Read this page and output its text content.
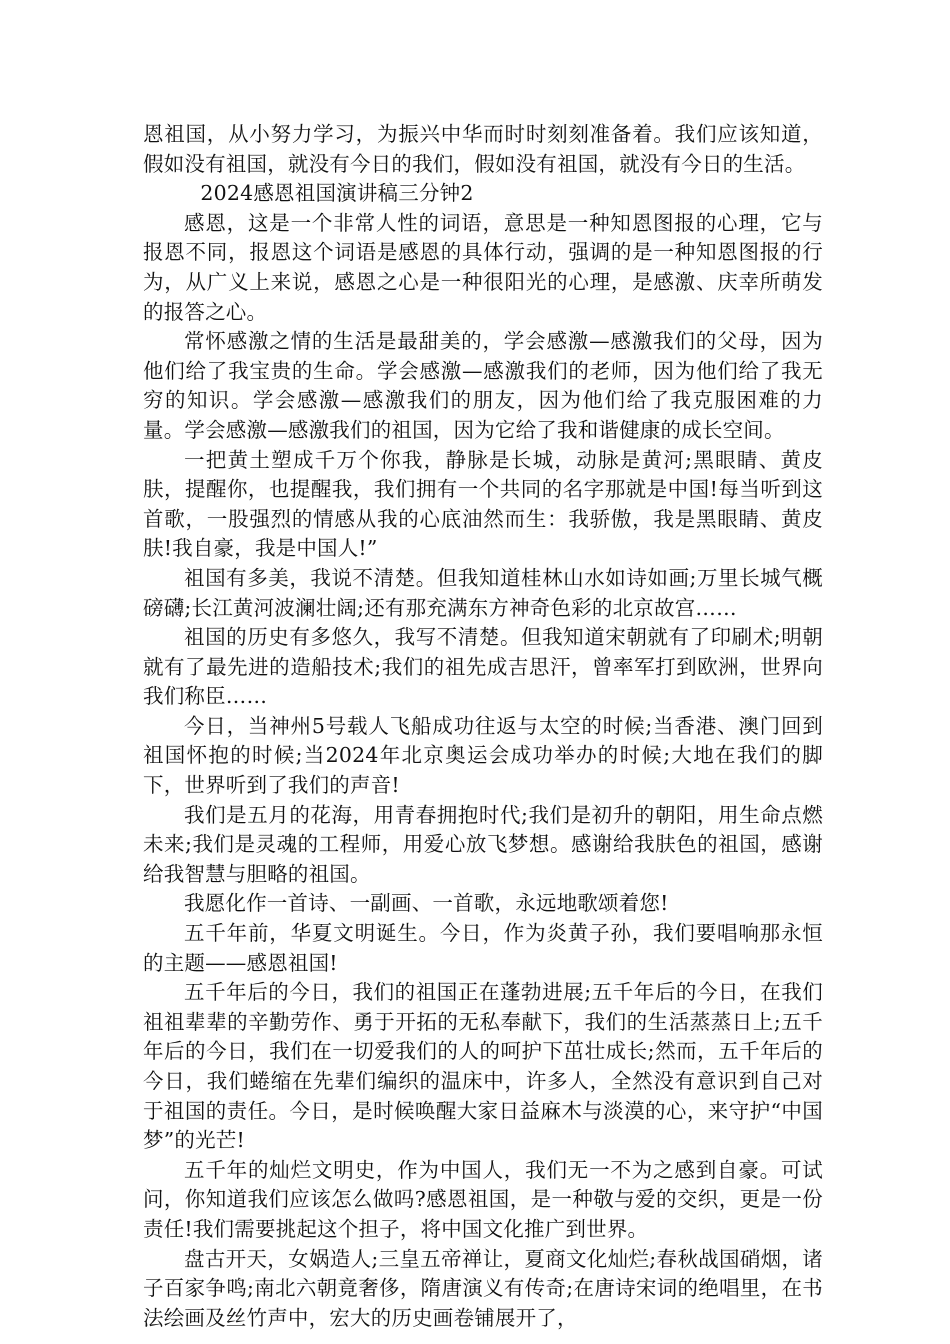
恩祖国，从小努力学习，为振兴中华而时时刻刻准备着。我们应该知道，假如没有祖国，就没有今日的我们，假如没有祖国，就没有今日的生活。

2024感恩祖国演讲稿三分钟2

感恩，这是一个非常人性的词语，意思是一种知恩图报的心理，它与报恩不同，报恩这个词语是感恩的具体行动，强调的是一种知恩图报的行为，从广义上来说，感恩之心是一种很阳光的心理，是感激、庆幸所萌发的报答之心。

常怀感激之情的生活是最甜美的，学会感激—感激我们的父母，因为他们给了我宝贵的生命。学会感激—感激我们的老师，因为他们给了我无穷的知识。学会感激—感激我们的朋友，因为他们给了我克服困难的力量。学会感激—感激我们的祖国，因为它给了我和谐健康的成长空间。

一把黄土塑成千万个你我，静脉是长城，动脉是黄河;黑眼睛、黄皮肤，提醒你，也提醒我，我们拥有一个共同的名字那就是中国!每当听到这首歌，一股强烈的情感从我的心底油然而生：我骄傲，我是黑眼睛、黄皮肤!我自豪，我是中国人!”

祖国有多美，我说不清楚。但我知道桂林山水如诗如画;万里长城气概磅礴;长江黄河波澜壮阔;还有那充满东方神奇色彩的北京故宫……

祖国的历史有多悠久，我写不清楚。但我知道宋朝就有了印刷术;明朝就有了最先进的造船技术;我们的祖先成吉思汗，曾率军打到欧洲，世界向我们称臣……

今日，当神州5号载人飞船成功往返与太空的时候;当香港、澳门回到祖国怀抱的时候;当2024年北京奥运会成功举办的时候;大地在我们的脚下，世界听到了我们的声音!

我们是五月的花海，用青春拥抱时代;我们是初升的朝阳，用生命点燃未来;我们是灵魂的工程师，用爱心放飞梦想。感谢给我肤色的祖国，感谢给我智慧与胆略的祖国。

我愿化作一首诗、一副画、一首歌，永远地歌颂着您!

五千年前，华夏文明诞生。今日，作为炎黄子孙，我们要唱响那永恒的主题——感恩祖国!

五千年后的今日，我们的祖国正在蓬勃进展;五千年后的今日，在我们祖祖辈辈的辛勤劳作、勇于开拓的无私奉献下，我们的生活蒸蒸日上;五千年后的今日，我们在一切爱我们的人的呵护下茁壮成长;然而，五千年后的今日，我们蜷缩在先辈们编织的温床中，许多人，全然没有意识到自己对于祖国的责任。今日，是时候唤醒大家日益麻木与淡漠的心，来守护“中国梦”的光芒!

五千年的灿烂文明史，作为中国人，我们无一不为之感到自豪。可试问，你知道我们应该怎么做吗?感恩祖国，是一种敬与爱的交织，更是一份责任!我们需要挑起这个担子，将中国文化推广到世界。

盘古开天，女娲造人;三皇五帝禅让，夏商文化灿烂;春秋战国硝烟，诸子百家争鸣;南北六朝竟奢侈，隋唐演义有传奇;在唐诗宋词的绝唱里，在书法绘画及丝竹声中，宏大的历史画卷铺展开了，
